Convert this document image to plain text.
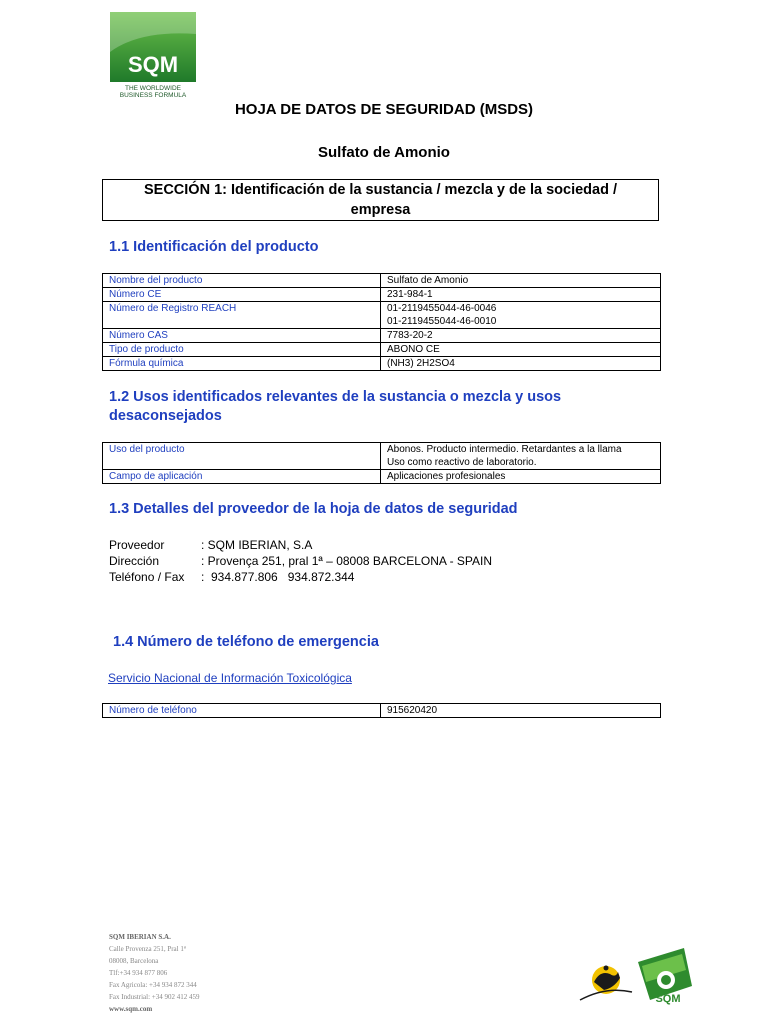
SQM
THE WORLDWIDE
BUSINESS FORMULA
HOJA DE DATOS DE SEGURIDAD (MSDS)
Sulfato de Amonio
SECCIÓN 1: Identificación de la sustancia / mezcla y de la sociedad / empresa
1.1 Identificación del producto
Nombre del producto	Sulfato de Amonio
Número CE	231-984-1
Número de Registro REACH	01-2119455044-46-0046
01-2119455044-46-0010
Número CAS	7783-20-2
Tipo de producto	ABONO CE
Fórmula química	(NH3) 2H2SO4
1.2 Usos identificados relevantes de la sustancia o mezcla y usos desaconsejados
Uso del producto	Abonos. Producto intermedio. Retardantes a la llama
Uso como reactivo de laboratorio.
Campo de aplicación	Aplicaciones profesionales
1.3 Detalles del proveedor de la hoja de datos de seguridad
Proveedor	: SQM IBERIAN, S.A
Dirección	: Provença 251, pral 1ª – 08008 BARCELONA - SPAIN
Teléfono / Fax :  934.877.806   934.872.344
1.4 Número de teléfono de emergencia
Servicio Nacional de Información Toxicológica
Número de teléfono	915620420
SQM IBERIAN S.A.
Calle Provenza 251, Pral 1ª
08008, Barcelona
Tlf:+34 934 877 806
Fax Agricola: +34 934 872 344
Fax Industrial: +34 902 412 459
www.sqm.com
SQM
